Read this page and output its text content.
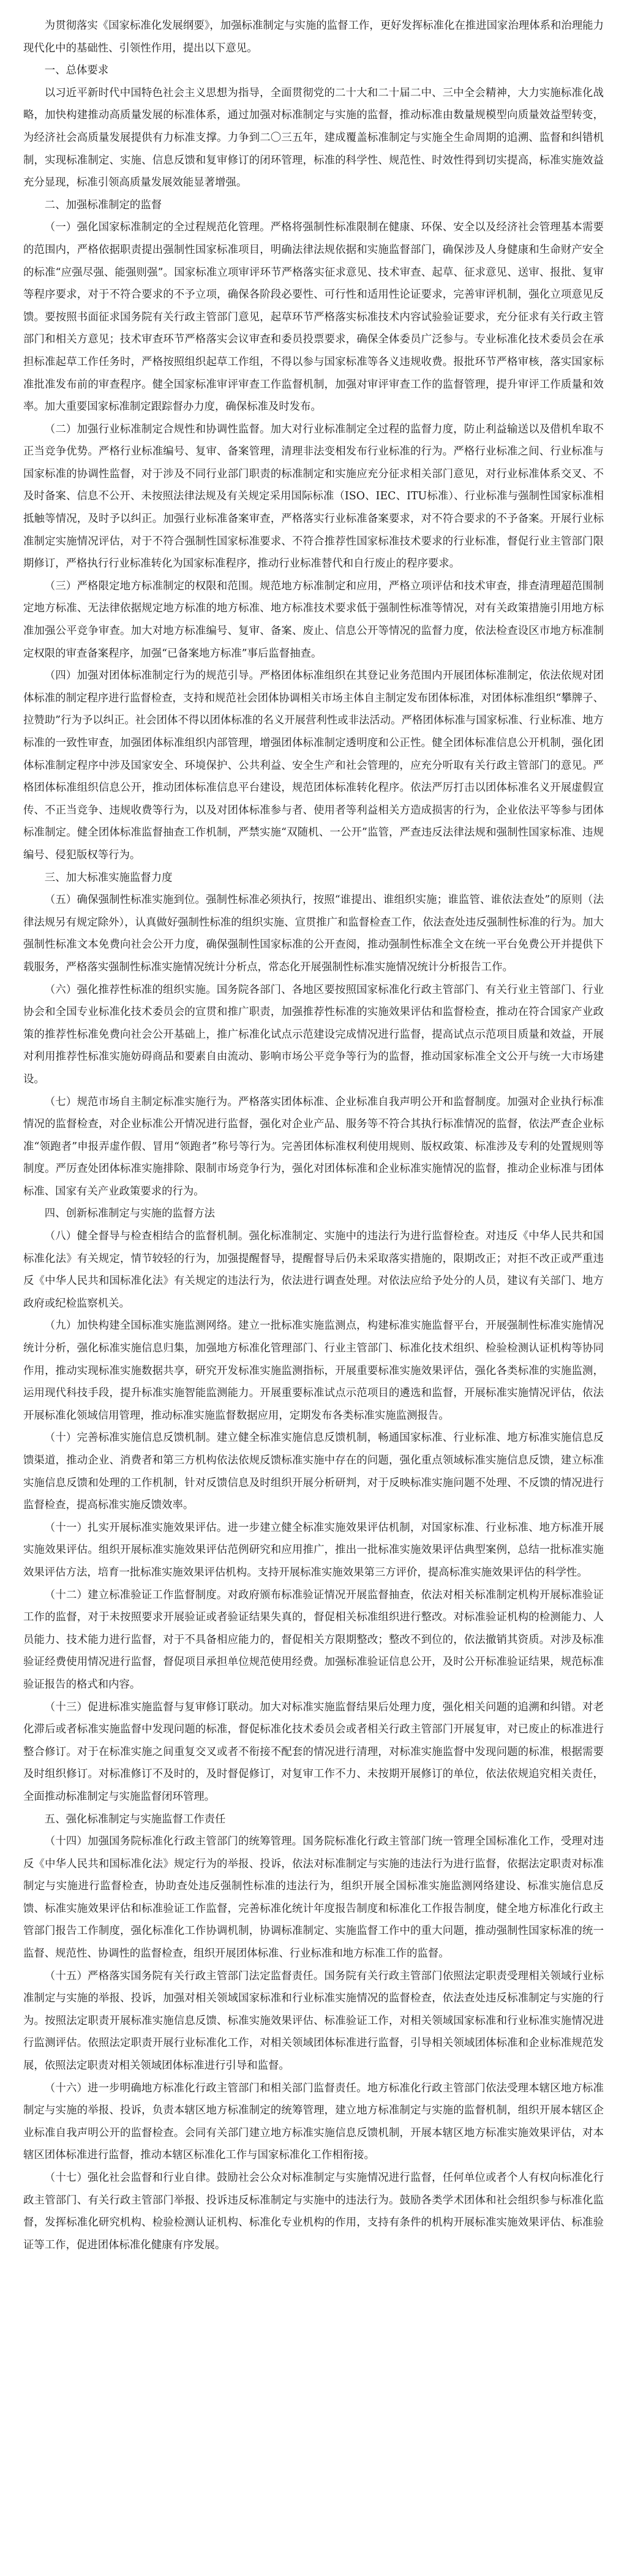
为贯彻落实《国家标准化发展纲要》，加强标准制定与实施的监督工作，更好发挥标准化在推进国家治理体系和治理能力现代化中的基础性、引领性作用，提出以下意见。

一、总体要求

以习近平新时代中国特色社会主义思想为指导，全面贯彻党的二十大和二十届二中、三中全会精神，大力实施标准化战略，加快构建推动高质量发展的标准体系，通过加强对标准制定与实施的监督，推动标准由数量规模型向质量效益型转变，为经济社会高质量发展提供有力标准支撑。力争到二〇三五年，建成覆盖标准制定与实施全生命周期的追溯、监督和纠错机制，实现标准制定、实施、信息反馈和复审修订的闭环管理，标准的科学性、规范性、时效性得到切实提高，标准实施效益充分显现，标准引领高质量发展效能显著增强。

二、加强标准制定的监督

（一）强化国家标准制定的全过程规范化管理。严格将强制性标准限制在健康、环保、安全以及经济社会管理基本需要的范围内，严格依据职责提出强制性国家标准项目，明确法律法规依据和实施监督部门，确保涉及人身健康和生命财产安全的标准“应强尽强、能强则强”。国家标准立项审评环节严格落实征求意见、技术审查、起草、征求意见、送审、报批、复审等程序要求，对于不符合要求的不予立项，确保各阶段必要性、可行性和适用性论证要求，完善审评机制，强化立项意见反馈。要按照书面征求国务院有关行政主管部门意见，起草环节严格落实标准技术内容试验验证要求，充分征求有关行政主管部门和相关方意见；技术审查环节严格落实会议审查和委员投票要求，确保全体委员广泛参与。专业标准化技术委员会在承担标准起草工作任务时，严格按照组织起草工作组，不得以参与国家标准等各义违规收费。报批环节严格审核，落实国家标准批准发布前的审查程序。健全国家标准审评审查工作监督机制，加强对审评审查工作的监督管理，提升审评工作质量和效率。加大重要国家标准制定跟踪督办力度，确保标准及时发布。

（二）加强行业标准制定合规性和协调性监督。加大对行业标准制定全过程的监督力度，防止利益输送以及借机牟取不正当竞争优势。严格行业标准编号、复审、备案管理，清理非法变相发布行业标准的行为。严格行业标准之间、行业标准与国家标准的协调性监督，对于涉及不同行业部门职责的标准制定和实施应充分征求相关部门意见，对行业标准体系交叉、不及时备案、信息不公开、未按照法律法规及有关规定采用国际标准（ISO、IEC、ITU标准）、行业标准与强制性国家标准相抵触等情况，及时予以纠正。加强行业标准备案审查，严格落实行业标准备案要求，对不符合要求的不予备案。开展行业标准制定实施情况评估，对于不符合强制性国家标准要求、不符合推荐性国家标准技术要求的行业标准，督促行业主管部门限期修订，严格执行行业标准转化为国家标准程序，推动行业标准替代和自行废止的程序要求。

（三）严格限定地方标准制定的权限和范围。规范地方标准制定和应用，严格立项评估和技术审查，排查清理超范围制定地方标准、无法律依据规定地方标准的地方标准、地方标准技术要求低于强制性标准等情况，对有关政策措施引用地方标准加强公平竞争审查。加大对地方标准编号、复审、备案、废止、信息公开等情况的监督力度，依法检查设区市地方标准制定权限的审查备案程序，加强“已备案地方标准”事后监督抽查。

（四）加强对团体标准制定行为的规范引导。严格团体标准组织在其登记业务范围内开展团体标准制定，依法依规对团体标准的制定程序进行监督检查，支持和规范社会团体协调相关市场主体自主制定发布团体标准，对团体标准组织“攀牌子、拉赞助”行为予以纠正。社会团体不得以团体标准的名义开展营利性或非法活动。严格团体标准与国家标准、行业标准、地方标准的一致性审查，加强团体标准组织内部管理，增强团体标准制定透明度和公正性。健全团体标准信息公开机制，强化团体标准制定程序中涉及国家安全、环境保护、公共利益、安全生产和社会管理的，应充分听取有关行政主管部门的意见。严格团体标准组织信息公开，推动团体标准信息平台建设，规范团体标准转化程序。依法严厉打击以团体标准名义开展虚假宣传、不正当竞争、违规收费等行为，以及对团体标准参与者、使用者等利益相关方造成损害的行为，企业依法平等参与团体标准制定。健全团体标准监督抽查工作机制，严禁实施“双随机、一公开”监管，严查违反法律法规和强制性国家标准、违规编号、侵犯版权等行为。

三、加大标准实施监督力度

（五）确保强制性标准实施到位。强制性标准必须执行，按照“谁提出、谁组织实施；谁监管、谁依法查处”的原则（法律法规另有规定除外），认真做好强制性标准的组织实施、宣贯推广和监督检查工作，依法查处违反强制性标准的行为。加大强制性标准文本免费向社会公开力度，确保强制性国家标准的公开查阅，推动强制性标准全文在统一平台免费公开并提供下载服务，严格落实强制性标准实施情况统计分析点，常态化开展强制性标准实施情况统计分析报告工作。

（六）强化推荐性标准的组织实施。国务院各部门、各地区要按照国家标准化行政主管部门、有关行业主管部门、行业协会和全国专业标准化技术委员会的宣贯和推广职责，加强推荐性标准的实施效果评估和监督检查，推动在符合国家产业政策的推荐性标准免费向社会公开基础上，推广标准化试点示范建设完成情况进行监督，提高试点示范项目质量和效益，开展对利用推荐性标准实施妨碍商品和要素自由流动、影响市场公平竞争等行为的监督，推动国家标准全文公开与统一大市场建设。

（七）规范市场自主制定标准实施行为。严格落实团体标准、企业标准自我声明公开和监督制度。加强对企业执行标准情况的监督检查，对企业标准公开情况进行监督，强化对企业产品、服务等不符合其执行标准情况的监督，依法严查企业标准“领跑者”申报弄虚作假、冒用“领跑者”称号等行为。完善团体标准权利使用规则、版权政策、标准涉及专利的处置规则等制度。严厉查处团体标准实施排除、限制市场竞争行为，强化对团体标准和企业标准实施情况的监督，推动企业标准与团体标准、国家有关产业政策要求的行为。

四、创新标准制定与实施的监督方法

（八）健全督导与检查相结合的监督机制。强化标准制定、实施中的违法行为进行监督检查。对违反《中华人民共和国标准化法》有关规定，情节较轻的行为，加强提醒督导，提醒督导后仍未采取落实措施的，限期改正；对拒不改正或严重违反《中华人民共和国标准化法》有关规定的违法行为，依法进行调查处理。对依法应给予处分的人员，建议有关部门、地方政府或纪检监察机关。

（九）加快构建全国标准实施监测网络。建立一批标准实施监测点，构建标准实施监督平台，开展强制性标准实施情况统计分析，强化标准实施信息归集，加强地方标准化管理部门、行业主管部门、标准化技术组织、检验检测认证机构等协同作用，推动实现标准实施数据共享，研究开发标准实施监测指标，开展重要标准实施效果评估，强化各类标准的实施监测，运用现代科技手段，提升标准实施智能监测能力。开展重要标准试点示范项目的遴选和监督，开展标准实施情况评估，依法开展标准化领域信用管理，推动标准实施监督数据应用，定期发布各类标准实施监测报告。

（十）完善标准实施信息反馈机制。建立健全标准实施信息反馈机制，畅通国家标准、行业标准、地方标准实施信息反馈渠道，推动企业、消费者和第三方机构依法依规反馈标准实施中存在的问题，强化重点领域标准实施信息反馈，建立标准实施信息反馈和处理的工作机制，针对反馈信息及时组织开展分析研判，对于反映标准实施问题不处理、不反馈的情况进行监督检查，提高标准实施反馈效率。

（十一）扎实开展标准实施效果评估。进一步建立健全标准实施效果评估机制，对国家标准、行业标准、地方标准开展实施效果评估。组织开展标准实施效果评估范例研究和应用推广，推出一批标准实施效果评估典型案例，总结一批标准实施效果评估方法，培育一批标准实施效果评估机构。支持开展标准实施效果第三方评价，提高标准实施效果评估的科学性。

（十二）建立标准验证工作监督制度。对政府颁布标准验证情况开展监督抽查，依法对相关标准制定机构开展标准验证工作的监督，对于未按照要求开展验证或者验证结果失真的，督促相关标准组织进行整改。对标准验证机构的检测能力、人员能力、技术能力进行监督，对于不具备相应能力的，督促相关方限期整改；整改不到位的，依法撤销其资质。对涉及标准验证经费使用情况进行监督，督促项目承担单位规范使用经费。加强标准验证信息公开，及时公开标准验证结果，规范标准验证报告的格式和内容。

（十三）促进标准实施监督与复审修订联动。加大对标准实施监督结果后处理力度，强化相关问题的追溯和纠错。对老化滞后或者标准实施监督中发现问题的标准，督促标准化技术委员会或者相关行政主管部门开展复审，对已废止的标准进行整合修订。对于在标准实施之间重复交叉或者不衔接不配套的情况进行清理，对标准实施监督中发现问题的标准，根据需要及时组织修订。对标准修订不及时的，及时督促修订，对复审工作不力、未按期开展修订的单位，依法依规追究相关责任，全面推动标准制定与实施监督闭环管理。

五、强化标准制定与实施监督工作责任

（十四）加强国务院标准化行政主管部门的统筹管理。国务院标准化行政主管部门统一管理全国标准化工作，受理对违反《中华人民共和国标准化法》规定行为的举报、投诉，依法对标准制定与实施的违法行为进行监督，依据法定职责对标准制定与实施进行监督检查，协助查处违反强制性标准的违法行为，组织开展全国标准实施监测网络建设、标准实施信息反馈、标准实施效果评估和标准验证工作监督，完善标准化统计年度报告制度和标准化工作报告制度，健全地方标准化行政主管部门报告工作制度，强化标准化工作协调机制，协调标准制定、实施监督工作中的重大问题，推动强制性国家标准的统一监督、规范性、协调性的监督检查，组织开展团体标准、行业标准和地方标准工作的监督。

（十五）严格落实国务院有关行政主管部门法定监督责任。国务院有关行政主管部门依照法定职责受理相关领域行业标准制定与实施的举报、投诉，加强对相关领域国家标准和行业标准实施情况的监督检查，依法查处违反标准制定与实施的行为。按照法定职责开展标准实施信息反馈、标准实施效果评估、标准验证工作，对相关领域国家标准和行业标准实施情况进行监测评估。依照法定职责开展行业标准化工作，对相关领域团体标准进行监督，引导相关领域团体标准和企业标准规范发展，依照法定职责对相关领域团体标准进行引导和监督。

（十六）进一步明确地方标准化行政主管部门和相关部门监督责任。地方标准化行政主管部门依法受理本辖区地方标准制定与实施的举报、投诉，负责本辖区地方标准制定的统筹管理，建立地方标准制定与实施的监督机制，组织开展本辖区企业标准自我声明公开的监督检查。会同有关部门建立地方标准实施信息反馈机制，开展本辖区地方标准实施效果评估，对本辖区团体标准进行监督，推动本辖区标准化工作与国家标准化工作相衔接。

（十七）强化社会监督和行业自律。鼓励社会公众对标准制定与实施情况进行监督，任何单位或者个人有权向标准化行政主管部门、有关行政主管部门举报、投诉违反标准制定与实施中的违法行为。鼓励各类学术团体和社会组织参与标准化监督，发挥标准化研究机构、检验检测认证机构、标准化专业机构的作用，支持有条件的机构开展标准实施效果评估、标准验证等工作，促进团体标准化健康有序发展。
